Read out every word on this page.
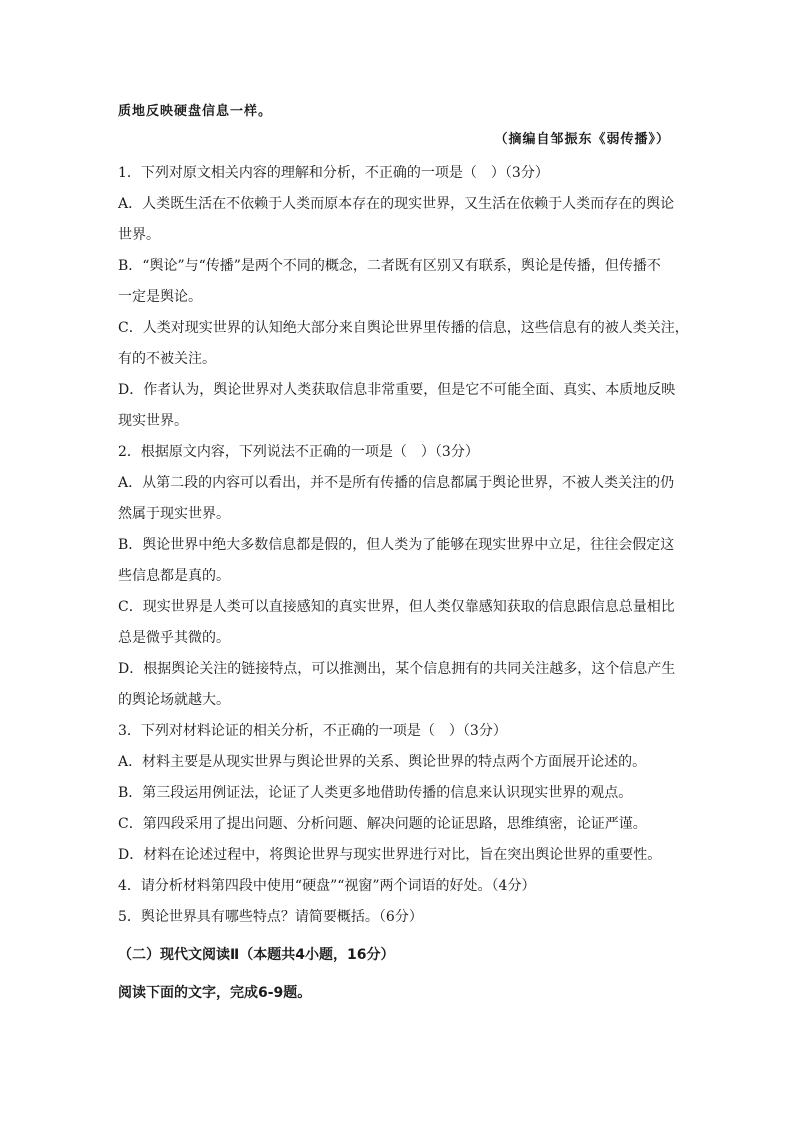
质地反映硬盘信息一样。

（摘编自邹振东《弱传播》）

1．下列对原文相关内容的理解和分析，不正确的一项是（　）（3分）

A．人类既生活在不依赖于人类而原本存在的现实世界，又生活在依赖于人类而存在的舆论

世界。

B．“舆论”与“传播”是两个不同的概念，二者既有区别又有联系，舆论是传播，但传播不

一定是舆论。

C．人类对现实世界的认知绝大部分来自舆论世界里传播的信息，这些信息有的被人类关注，

有的不被关注。

D．作者认为，舆论世界对人类获取信息非常重要，但是它不可能全面、真实、本质地反映

现实世界。

2．根据原文内容，下列说法不正确的一项是（　）（3分）

A．从第二段的内容可以看出，并不是所有传播的信息都属于舆论世界，不被人类关注的仍

然属于现实世界。

B．舆论世界中绝大多数信息都是假的，但人类为了能够在现实世界中立足，往往会假定这

些信息都是真的。

C．现实世界是人类可以直接感知的真实世界，但人类仅靠感知获取的信息跟信息总量相比

总是微乎其微的。

D．根据舆论关注的链接特点，可以推测出，某个信息拥有的共同关注越多，这个信息产生

的舆论场就越大。

3．下列对材料论证的相关分析，不正确的一项是（　）（3分）

A．材料主要是从现实世界与舆论世界的关系、舆论世界的特点两个方面展开论述的。

B．第三段运用例证法，论证了人类更多地借助传播的信息来认识现实世界的观点。

C．第四段采用了提出问题、分析问题、解决问题的论证思路，思维缜密，论证严谨。

D．材料在论述过程中，将舆论世界与现实世界进行对比，旨在突出舆论世界的重要性。

4．请分析材料第四段中使用“硬盘”“视窗”两个词语的好处。（4分）

5．舆论世界具有哪些特点？请简要概括。（6分）

（二）现代文阅读Ⅱ（本题共4小题，16分）

阅读下面的文字，完成6-9题。
